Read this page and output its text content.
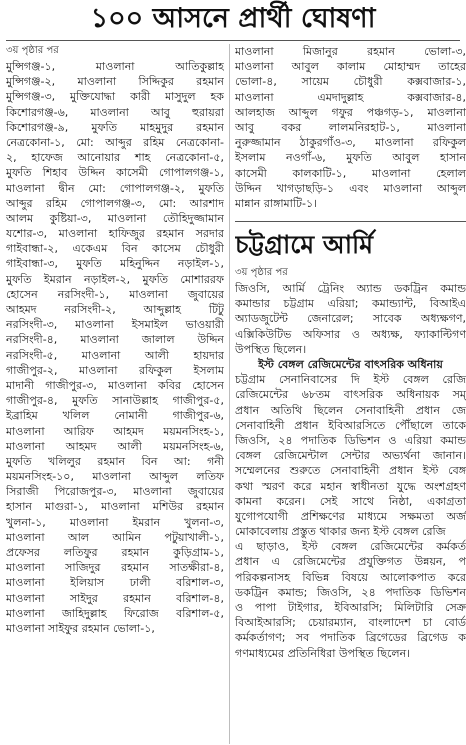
১০০ আসনে প্রার্থী ঘোষণা
৩য় পৃষ্ঠার পর
মুন্সিগঞ্জ-১, মাওলানা আতিকুল্লাহ
মুন্সিগঞ্জ-২, মাওলানা সিদ্দিকুর রহমান
মুন্সিগঞ্জ-৩, মুক্তিযোদ্ধা কারী মাসুদুল হক
কিশোরগঞ্জ-৬, মাওলানা আবু হুরায়রা
কিশোরগঞ্জ-৯, মুফতি মাহমুদুর রহমান
নেত্রকোনা-১, মো: আব্দুর রহিম নেত্রকোনা-
২, হাফেজ আনোয়ার শাহ নেত্রকোনা-৫,
মুফতি শিহাব উদ্দিন কাসেমী গোপালগঞ্জ-১,
মাওলানা দ্বীন মো: গোপালগঞ্জ-২, মুফতি
আব্দুর রহিম গোপালগঞ্জ-৩, মো: আরশাদ
আলম কুষ্টিয়া-৩, মাওলানা তৌহিদুজ্জামান
যশোর-৩, মাওলানা হাফিজুর রহমান সরদার
গাইবান্ধা-২, একেএম বিন কাসেম চৌধুরী
গাইবান্ধা-৩, মুফতি মহিনুদ্দিন নড়াইল-১,
মুফতি ইমরান নড়াইল-২, মুফতি মোশাররফ
হোসেন নরসিংদী-১, মাওলানা জুবায়ের
আহমদ নরসিংদী-২, আব্দুল্লাহ টিটু
নরসিংদী-৩, মাওলানা ইসমাইল ভাওয়ারী
নরসিংদী-৪, মাওলানা জালাল উদ্দিন
নরসিংদী-৫, মাওলানা আলী হায়দার
গাজীপুর-২, মাওলানা রফিকুল ইসলাম
মাদানী গাজীপুর-৩, মাওলানা কবির হোসেন
গাজীপুর-৪, মুফতি সানাউল্লাহ গাজীপুর-৫,
ইব্রাহিম খলিল নোমানী গাজীপুর-৬,
মাওলানা আরিফ আহমদ ময়মনসিংহ-১,
মাওলানা আহমদ আলী ময়মনসিংহ-৬,
মুফতি খলিলুর রহমান বিন আ: গনী
ময়মনসিংহ-১০, মাওলানা আব্দুল লতিফ
সিরাজী পিরোজপুর-৩, মাওলানা জুবায়ের
হাসান মাগুরা-১, মাওলানা মশিউর রহমান
খুলনা-১, মাওলানা ইমরান খুলনা-৩,
মাওলানা আল আমিন পটুয়াখালী-১,
প্রফেসর লতিফুর রহমান কুড়িগ্রাম-১,
মাওলানা সাজিদুর রহমান সাতক্ষীরা-৪,
মাওলানা ইলিয়াস ঢালী বরিশাল-৩,
মাওলানা সাইদুর রহমান বরিশাল-৪,
মাওলানা জাহিদুল্লাহ ফিরোজ বরিশাল-৫,
মাওলানা সাইফুর রহমান ভোলা-১,
মাওলানা মিজানুর রহমান ভোলা-৩,
মাওলানা আবুল কালাম মোহাম্মদ তাহের
ভোলা-৪, সায়েম চৌধুরী কক্সবাজার-১,
মাওলানা এমদাদুল্লাহ কক্সবাজার-৪,
আলহাজ আব্দুল গফুর পঞ্চগড়-১, মাওলানা
আবু বকর লালমনিরহাট-১, মাওলানা
নুরুজ্জামান ঠাকুরগাঁও-৩, মাওলানা রফিকুল
ইসলাম নওগাঁ-৬, মুফতি আবুল হাসান
কাসেমী কালকাটি-১, মাওলানা হেলাল
উদ্দিন খাগড়াছড়ি-১ এবং মাওলানা আব্দুল
মান্নান রাঙ্গামাটি-১।
চট্টগ্রামে আর্মি
৩য় পৃষ্ঠার পর
জিওসি, আর্মি ট্রেনিং অ্যান্ড ডকট্রিন কমান্ড
কমান্ডার চট্টগ্রাম এরিয়া; কমান্ড্যান্ট, বিআইএ
অ্যাডজুটেন্ট জেনারেল; সাবেক অধ্যক্ষগণ,
এক্সিকিউটিভ অফিসার ও অধ্যক্ষ, ফ্যাকাল্টিগণ
উপস্থিত ছিলেন।
ইস্ট বেঙ্গল রেজিমেন্টের বাৎসরিক অধিনায়
চট্টগ্রাম সেনানিবাসের দি ইস্ট বেঙ্গল রেজি
রেজিমেন্টের ৬৮তম বাৎসরিক অধিনায়ক সম্
প্রধান অতিথি ছিলেন সেনাবাহিনী প্রধান জে
সেনাবাহিনী প্রধান ইবিআরসিতে পৌঁছালে তাকে
জিওসি, ২৪ পদাতিক ডিভিশন ও এরিয়া কমান্ড
বেঙ্গল রেজিমেন্টাল সেন্টার অভ্যর্থনা জানান।
সম্মেলনের শুরুতে সেনাবাহিনী প্রধান ইস্ট বেঙ্গ
কথা স্মরণ করে মহান স্বাধীনতা যুদ্ধে অংশগ্রহণ
কামনা করেন। সেই সাথে নিষ্ঠা, একাগ্রতা
যুগোপযোগী প্রশিক্ষণের মাধ্যমে সক্ষমতা অর্জ
মোকাবেলায় প্রস্তুত থাকার জন্য ইস্ট বেঙ্গল রেজি
এ ছাড়াও, ইস্ট বেঙ্গল রেজিমেন্টের কর্মকর্ত
প্রধান এ রেজিমেন্টের প্রযুক্তিগত উন্নয়ন, প
পরিকল্পনাসহ বিভিন্ন বিষয়ে আলোকপাত করে
ডকট্রিন কমান্ড; জিওসি, ২৪ পদাতিক ডিভিশন
ও পাপা টাইগার, ইবিআরসি; মিলিটারি সেক্র
বিআইআরসি; চেয়ারম্যান, বাংলাদেশ চা বোর্ড
কর্মকর্তাগণ; সব পদাতিক ব্রিগেডের ব্রিগেড ক
গণমাধ্যমের প্রতিনিধিরা উপস্থিত ছিলেন।
